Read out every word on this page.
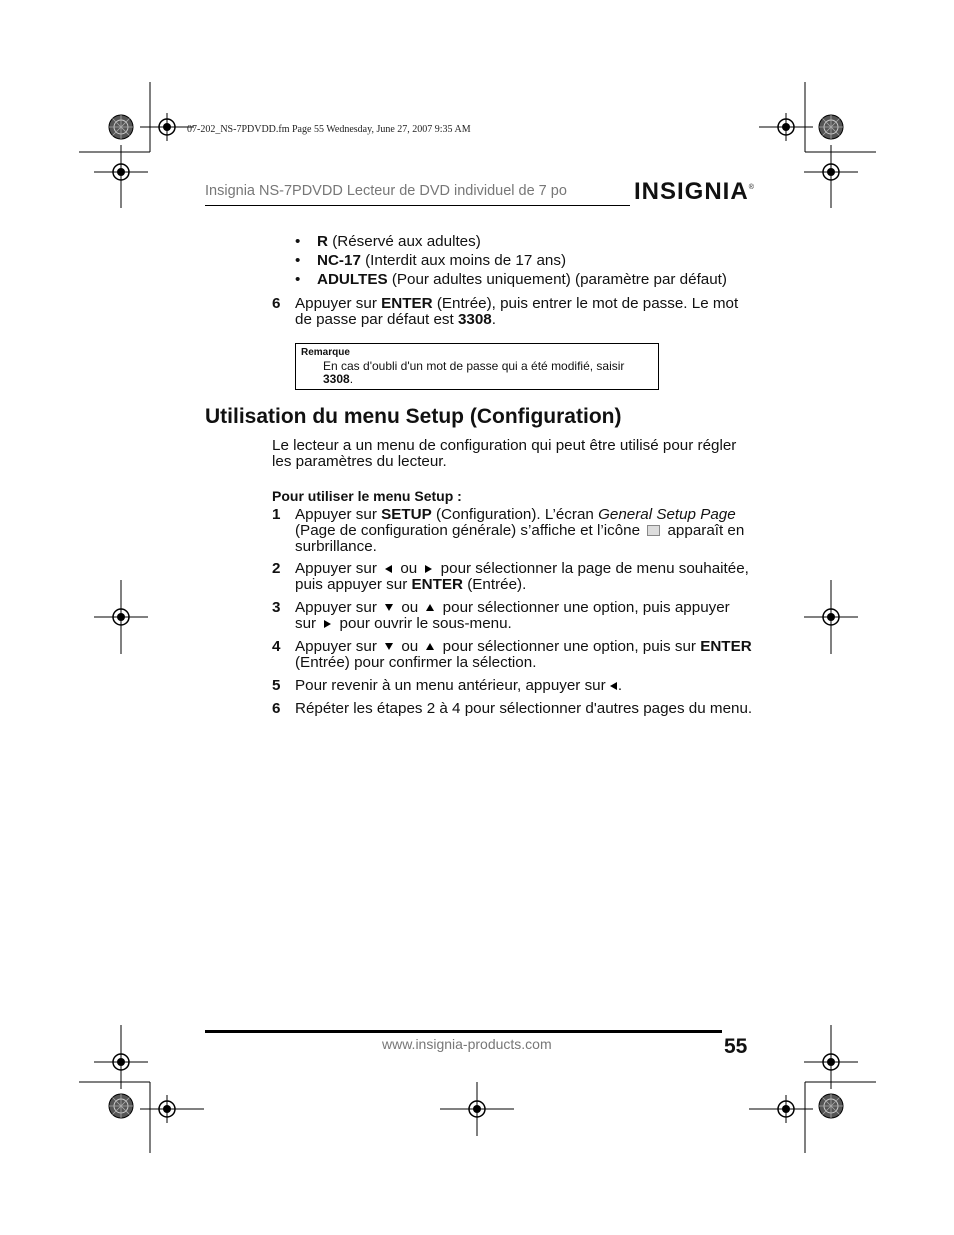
07-202_NS-7PDVDD.fm Page 55 Wednesday, June 27, 2007 9:35 AM
Insignia NS-7PDVDD Lecteur de DVD individuel de 7 po	INSIGNIA®
• R (Réservé aux adultes)
• NC-17 (Interdit aux moins de 17 ans)
• ADULTES (Pour adultes uniquement) (paramètre par défaut)
6 Appuyer sur ENTER (Entrée), puis entrer le mot de passe. Le mot de passe par défaut est 3308.
Remarque
En cas d'oubli d'un mot de passe qui a été modifié, saisir 3308.
Utilisation du menu Setup (Configuration)
Le lecteur a un menu de configuration qui peut être utilisé pour régler les paramètres du lecteur.
Pour utiliser le menu Setup :
1 Appuyer sur SETUP (Configuration). L’écran General Setup Page (Page de configuration générale) s’affiche et l’icône  apparaît en surbrillance.
2 Appuyer sur  ou  pour sélectionner la page de menu souhaitée, puis appuyer sur ENTER (Entrée).
3 Appuyer sur  ou  pour sélectionner une option, puis appuyer sur  pour ouvrir le sous-menu.
4 Appuyer sur  ou  pour sélectionner une option, puis sur ENTER (Entrée) pour confirmer la sélection.
5 Pour revenir à un menu antérieur, appuyer sur .
6 Répéter les étapes 2 à 4 pour sélectionner d'autres pages du menu.
www.insignia-products.com	55
